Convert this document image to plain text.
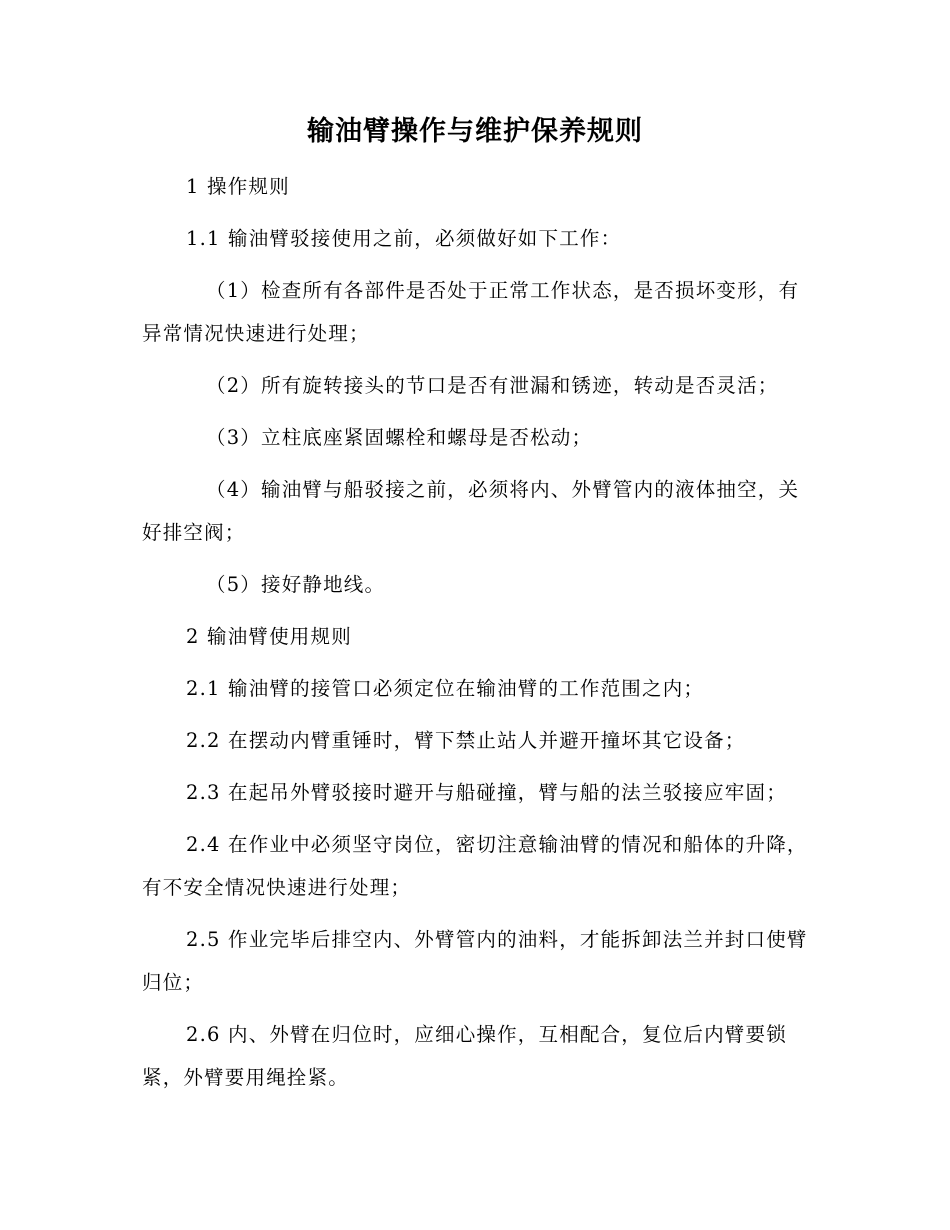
输油臂操作与维护保养规则

1 操作规则

1.1 输油臂驳接使用之前，必须做好如下工作：

（1）检查所有各部件是否处于正常工作状态，是否损坏变形，有异常情况快速进行处理；

（2）所有旋转接头的节口是否有泄漏和锈迹，转动是否灵活；

（3）立柱底座紧固螺栓和螺母是否松动；

（4）输油臂与船驳接之前，必须将内、外臂管内的液体抽空，关好排空阀；

（5）接好静地线。

2 输油臂使用规则

2.1 输油臂的接管口必须定位在输油臂的工作范围之内；

2.2 在摆动内臂重锤时，臂下禁止站人并避开撞坏其它设备；

2.3 在起吊外臂驳接时避开与船碰撞，臂与船的法兰驳接应牢固；

2.4 在作业中必须坚守岗位，密切注意输油臂的情况和船体的升降，有不安全情况快速进行处理；

2.5 作业完毕后排空内、外臂管内的油料，才能拆卸法兰并封口使臂归位；

2.6 内、外臂在归位时，应细心操作，互相配合，复位后内臂要锁紧，外臂要用绳拴紧。
